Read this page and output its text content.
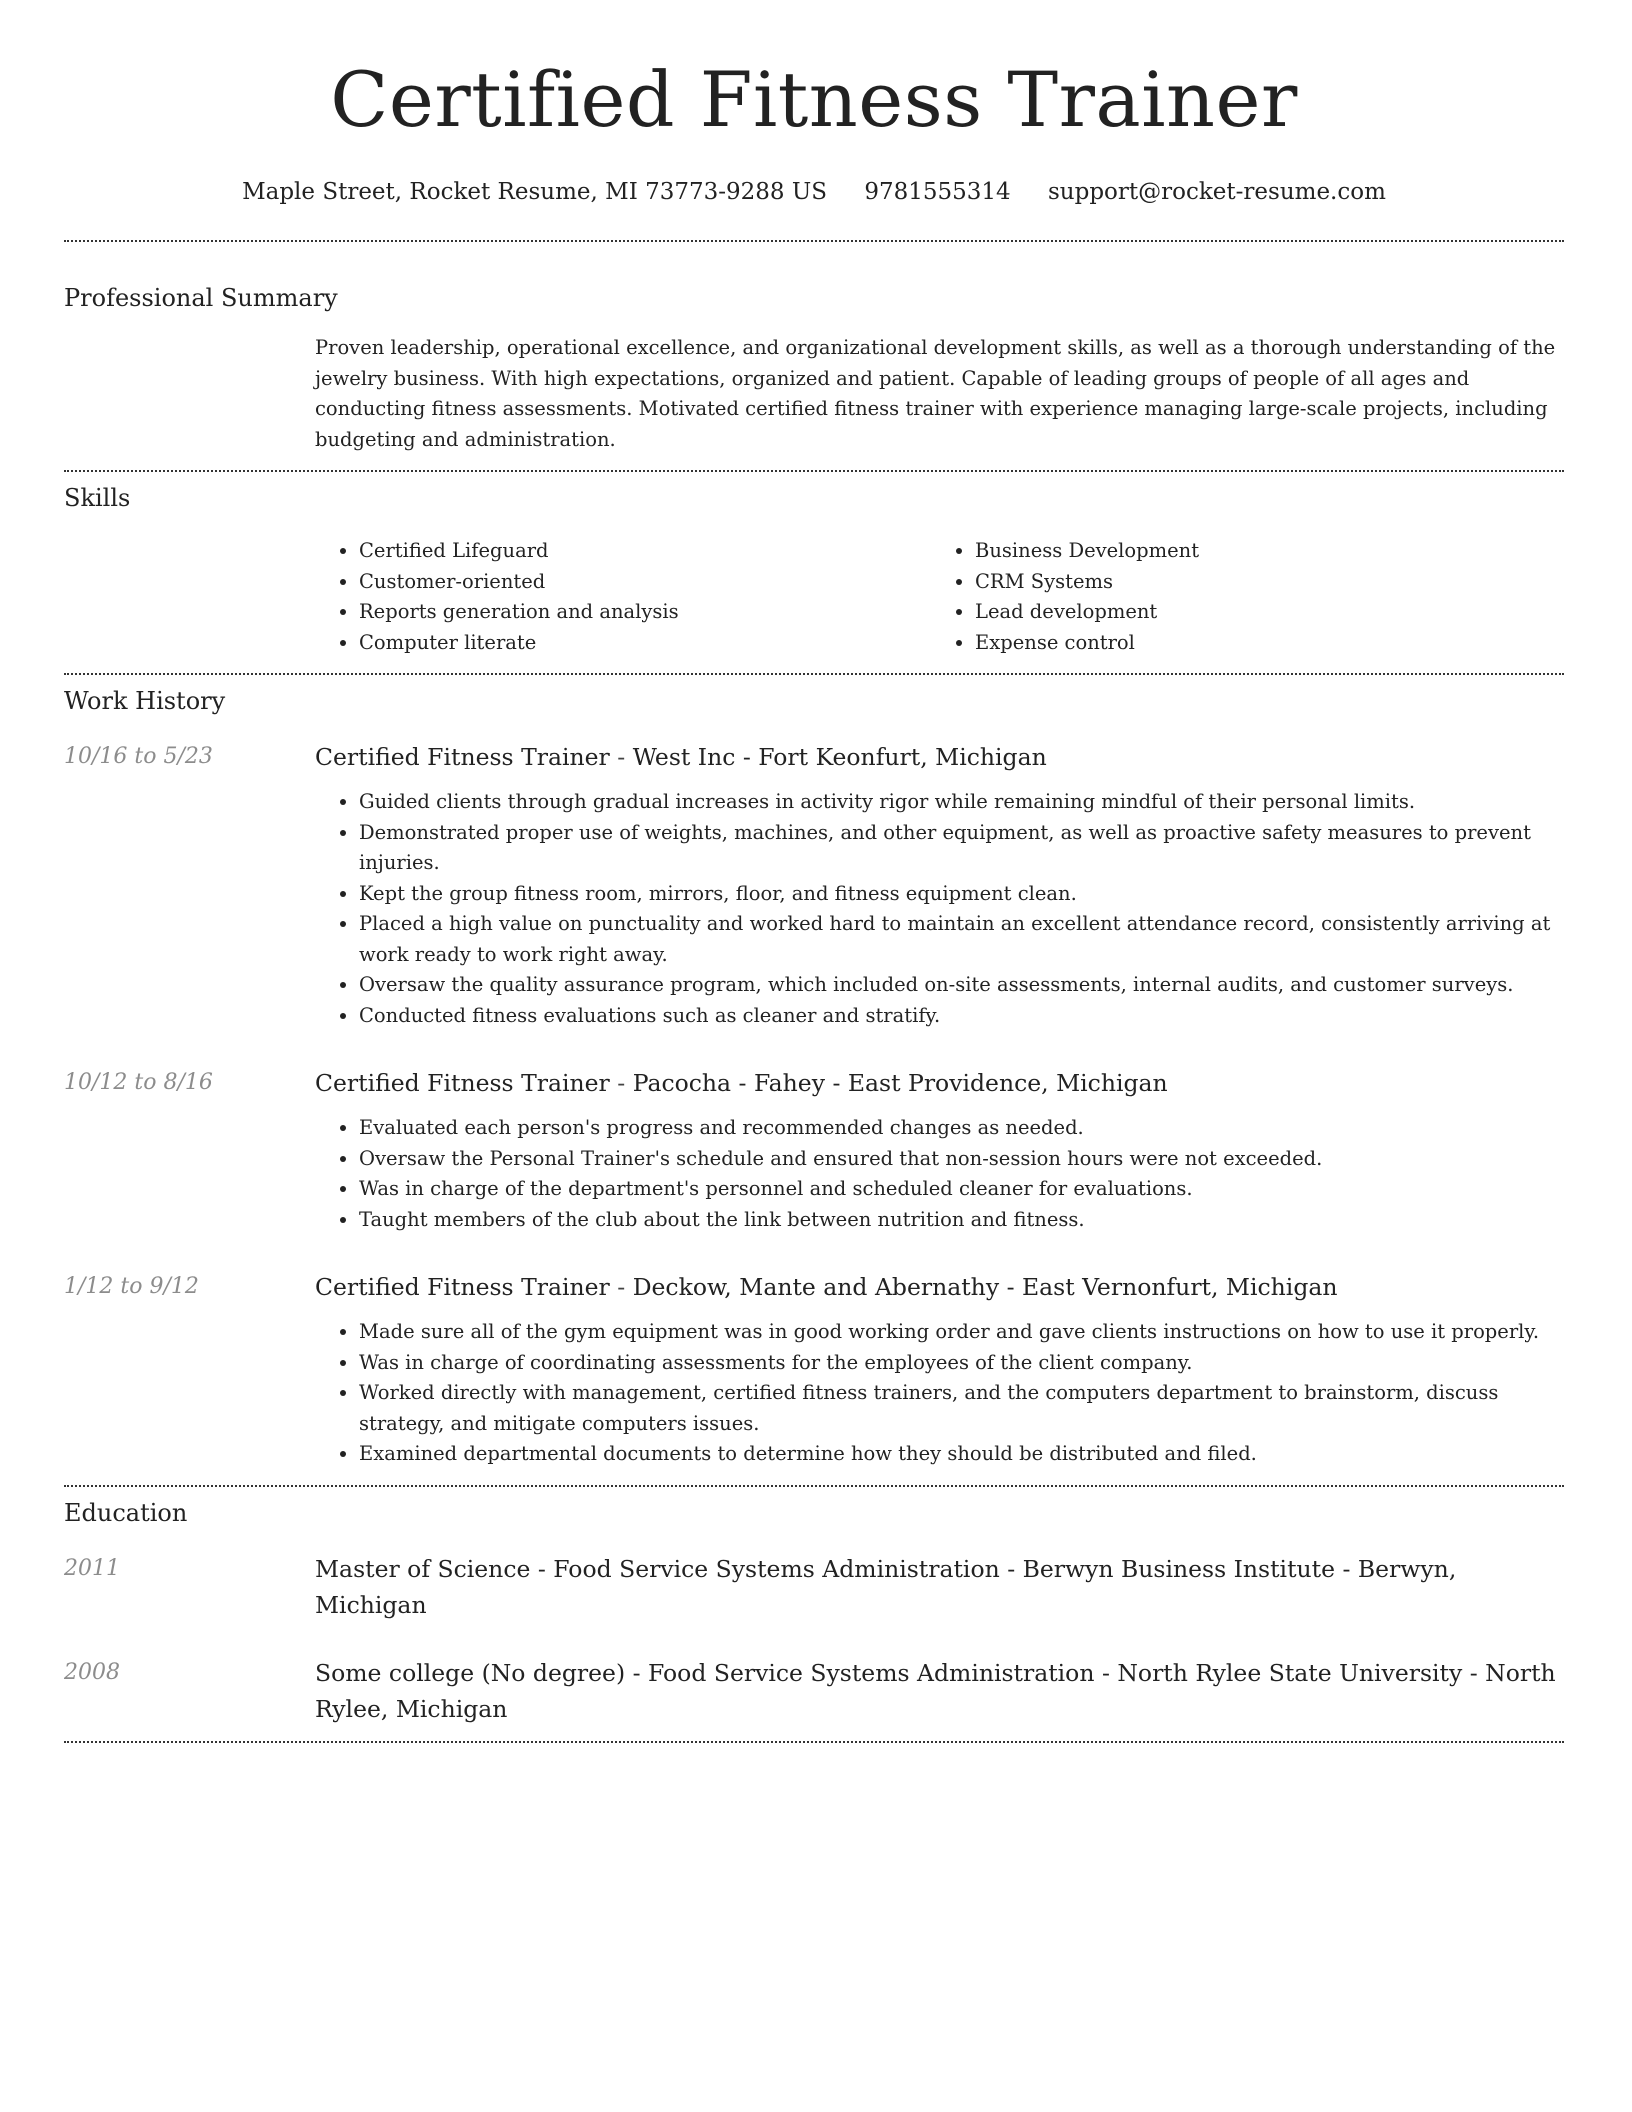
Certified Fitness Trainer
Maple Street, Rocket Resume, MI 73773-9288 US 9781555314 support@rocket-resume.com
Professional Summary

Proven leadership, operational excellence, and organizational development skills, as well as a thorough understanding of the jewelry business. With high expectations, organized and patient. Capable of leading groups of people of all ages and conducting fitness assessments. Motivated certified fitness trainer with experience managing large-scale projects, including budgeting and administration.

Skills
• Certified Lifeguard
• Customer-oriented
• Reports generation and analysis
• Computer literate
• Business Development
• CRM Systems
• Lead development
• Expense control
Work History
10/16 to 5/23	Certified Fitness Trainer - West Inc - Fort Keonfurt, Michigan
• Guided clients through gradual increases in activity rigor while remaining mindful of their personal limits.
• Demonstrated proper use of weights, machines, and other equipment, as well as proactive safety measures to prevent injuries.
• Kept the group fitness room, mirrors, floor, and fitness equipment clean.
• Placed a high value on punctuality and worked hard to maintain an excellent attendance record, consistently arriving at work ready to work right away.
• Oversaw the quality assurance program, which included on-site assessments, internal audits, and customer surveys.
• Conducted fitness evaluations such as cleaner and stratify.
10/12 to 8/16	Certified Fitness Trainer - Pacocha - Fahey - East Providence, Michigan
• Evaluated each person's progress and recommended changes as needed.
• Oversaw the Personal Trainer's schedule and ensured that non-session hours were not exceeded.
• Was in charge of the department's personnel and scheduled cleaner for evaluations.
• Taught members of the club about the link between nutrition and fitness.
1/12 to 9/12	Certified Fitness Trainer - Deckow, Mante and Abernathy - East Vernonfurt, Michigan
• Made sure all of the gym equipment was in good working order and gave clients instructions on how to use it properly.
• Was in charge of coordinating assessments for the employees of the client company.
• Worked directly with management, certified fitness trainers, and the computers department to brainstorm, discuss strategy, and mitigate computers issues.
• Examined departmental documents to determine how they should be distributed and filed.
Education
2011	Master of Science - Food Service Systems Administration - Berwyn Business Institute - Berwyn, Michigan
2008	Some college (No degree) - Food Service Systems Administration - North Rylee State University - North Rylee, Michigan
